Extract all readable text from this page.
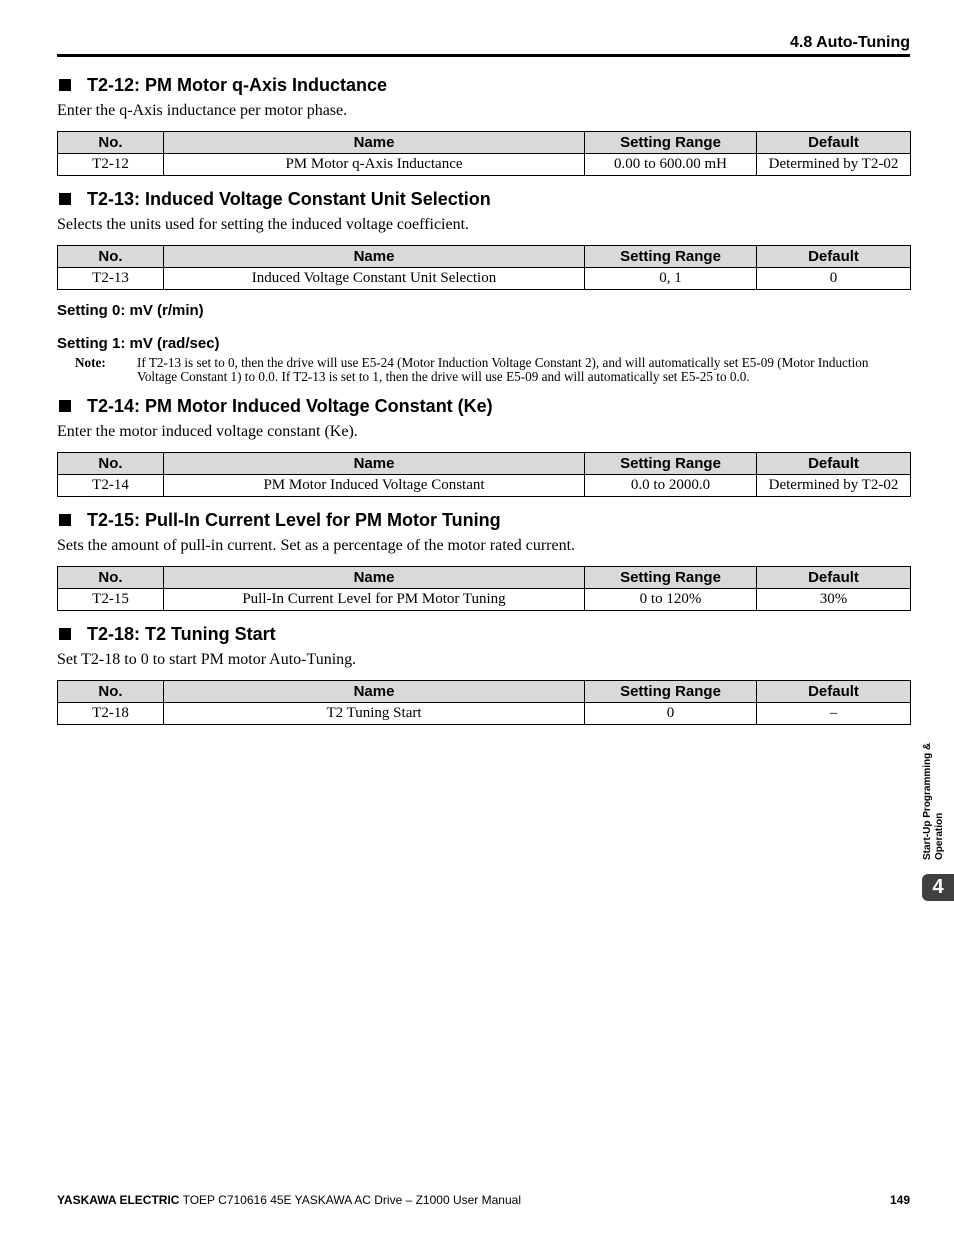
4.8 Auto-Tuning
T2-12: PM Motor q-Axis Inductance
Enter the q-Axis inductance per motor phase.
No.	Name	Setting Range	Default
T2-12	PM Motor q-Axis Inductance	0.00 to 600.00 mH	Determined by T2-02
T2-13: Induced Voltage Constant Unit Selection
Selects the units used for setting the induced voltage coefficient.
No.	Name	Setting Range	Default
T2-13	Induced Voltage Constant Unit Selection	0, 1	0
Setting 0: mV (r/min)
Setting 1: mV (rad/sec)
Note:	If T2-13 is set to 0, then the drive will use E5-24 (Motor Induction Voltage Constant 2), and will automatically set E5-09 (Motor Induction Voltage Constant 1) to 0.0. If T2-13 is set to 1, then the drive will use E5-09 and will automatically set E5-25 to 0.0.
T2-14: PM Motor Induced Voltage Constant (Ke)
Enter the motor induced voltage constant (Ke).
No.	Name	Setting Range	Default
T2-14	PM Motor Induced Voltage Constant	0.0 to 2000.0	Determined by T2-02
T2-15: Pull-In Current Level for PM Motor Tuning
Sets the amount of pull-in current. Set as a percentage of the motor rated current.
No.	Name	Setting Range	Default
T2-15	Pull-In Current Level for PM Motor Tuning	0 to 120%	30%
T2-18: T2 Tuning Start
Set T2-18 to 0 to start PM motor Auto-Tuning.
No.	Name	Setting Range	Default
T2-18	T2 Tuning Start	0	–
Start-Up Programming & Operation
4
YASKAWA ELECTRIC TOEP C710616 45E YASKAWA AC Drive – Z1000 User Manual	149
